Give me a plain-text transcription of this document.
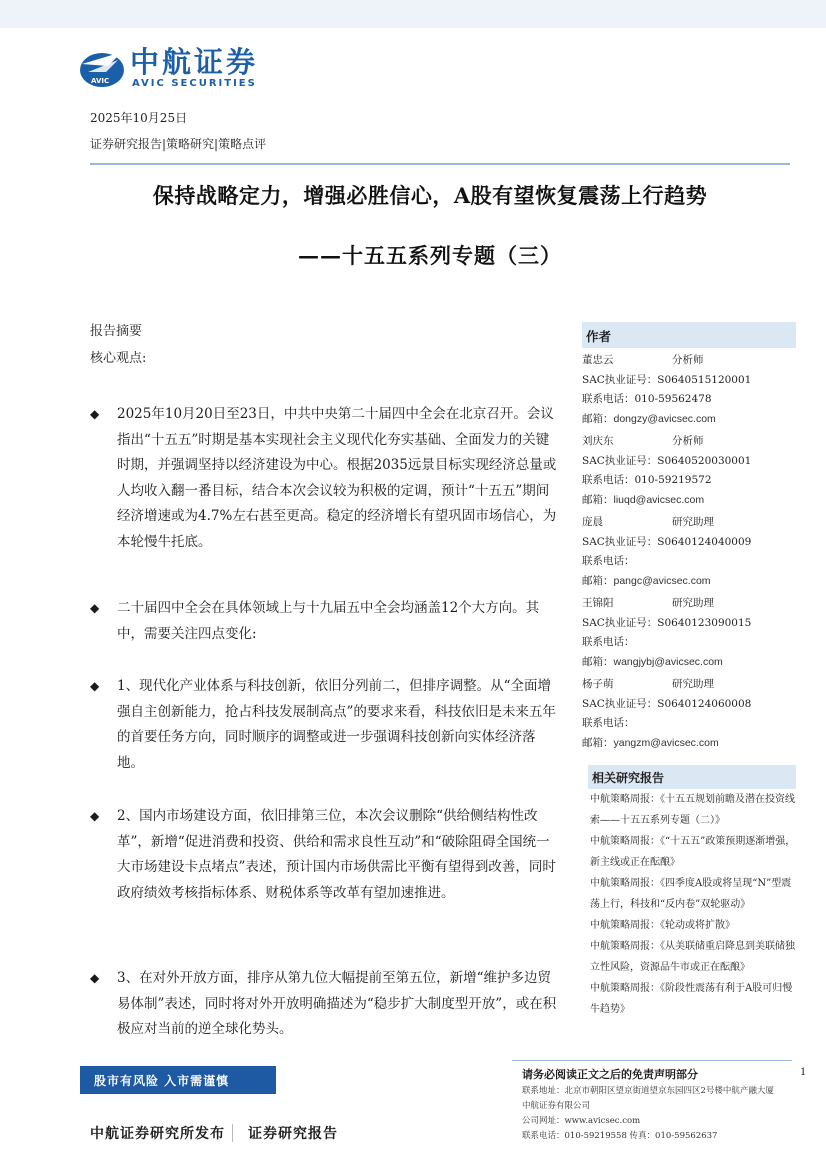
AVIC
中航证券
AVIC SECURITIES
2025年10月25日
证券研究报告|策略研究|策略点评
保持战略定力，增强必胜信心，A股有望恢复震荡上行趋势
——十五五系列专题（三）
报告摘要
核心观点:
◆	2025年10月20日至23日，中共中央第二十届四中全会在北京召开。会议指出“十五五”时期是基本实现社会主义现代化夯实基础、全面发力的关键时期，并强调坚持以经济建设为中心。根据2035远景目标实现经济总量或人均收入翻一番目标，结合本次会议较为积极的定调，预计“十五五”期间经济增速或为4.7%左右甚至更高。稳定的经济增长有望巩固市场信心，为本轮慢牛托底。
◆	二十届四中全会在具体领域上与十九届五中全会均涵盖12个大方向。其中，需要关注四点变化:
◆	1、现代化产业体系与科技创新，依旧分列前二，但排序调整。从“全面增强自主创新能力，抢占科技发展制高点”的要求来看，科技依旧是未来五年的首要任务方向，同时顺序的调整或进一步强调科技创新向实体经济落地。
◆	2、国内市场建设方面，依旧排第三位，本次会议删除“供给侧结构性改革”，新增“促进消费和投资、供给和需求良性互动”和“破除阻碍全国统一大市场建设卡点堵点”表述，预计国内市场供需比平衡有望得到改善，同时政府绩效考核指标体系、财税体系等改革有望加速推进。
◆	3、在对外开放方面，排序从第九位大幅提前至第五位，新增“维护多边贸易体制”表述，同时将对外开放明确描述为“稳步扩大制度型开放”，或在积极应对当前的逆全球化势头。
作者
董忠云	分析师
SAC执业证号：S0640515120001
联系电话：010-59562478
邮箱：dongzy@avicsec.com
刘庆东	分析师
SAC执业证号：S0640520030001
联系电话：010-59219572
邮箱：liuqd@avicsec.com
庞晨	研究助理
SAC执业证号：S0640124040009
联系电话：
邮箱：pangc@avicsec.com
王锦阳	研究助理
SAC执业证号：S0640123090015
联系电话：
邮箱：wangjybj@avicsec.com
杨子萌	研究助理
SAC执业证号：S0640124060008
联系电话：
邮箱：yangzm@avicsec.com
相关研究报告
中航策略周报：《十五五规划前瞻及潜在投资线索——十五五系列专题（二）》
中航策略周报：《“十五五”政策预期逐渐增强，新主线或正在酝酿》
中航策略周报：《四季度A股或将呈现“N”型震荡上行，科技和“反内卷”双轮驱动》
中航策略周报：《轮动或将扩散》
中航策略周报：《从美联储重启降息到美联储独立性风险，资源品牛市或正在酝酿》
中航策略周报：《阶段性震荡有利于A股可归慢牛趋势》
股市有风险 入市需谨慎
1
请务必阅读正文之后的免责声明部分
联系地址：北京市朝阳区望京街道望京东园四区2号楼中航产融大厦
中航证券有限公司
公司网址：www.avicsec.com
联系电话：010-59219558 传真：010-59562637
中航证券研究所发布 证券研究报告
